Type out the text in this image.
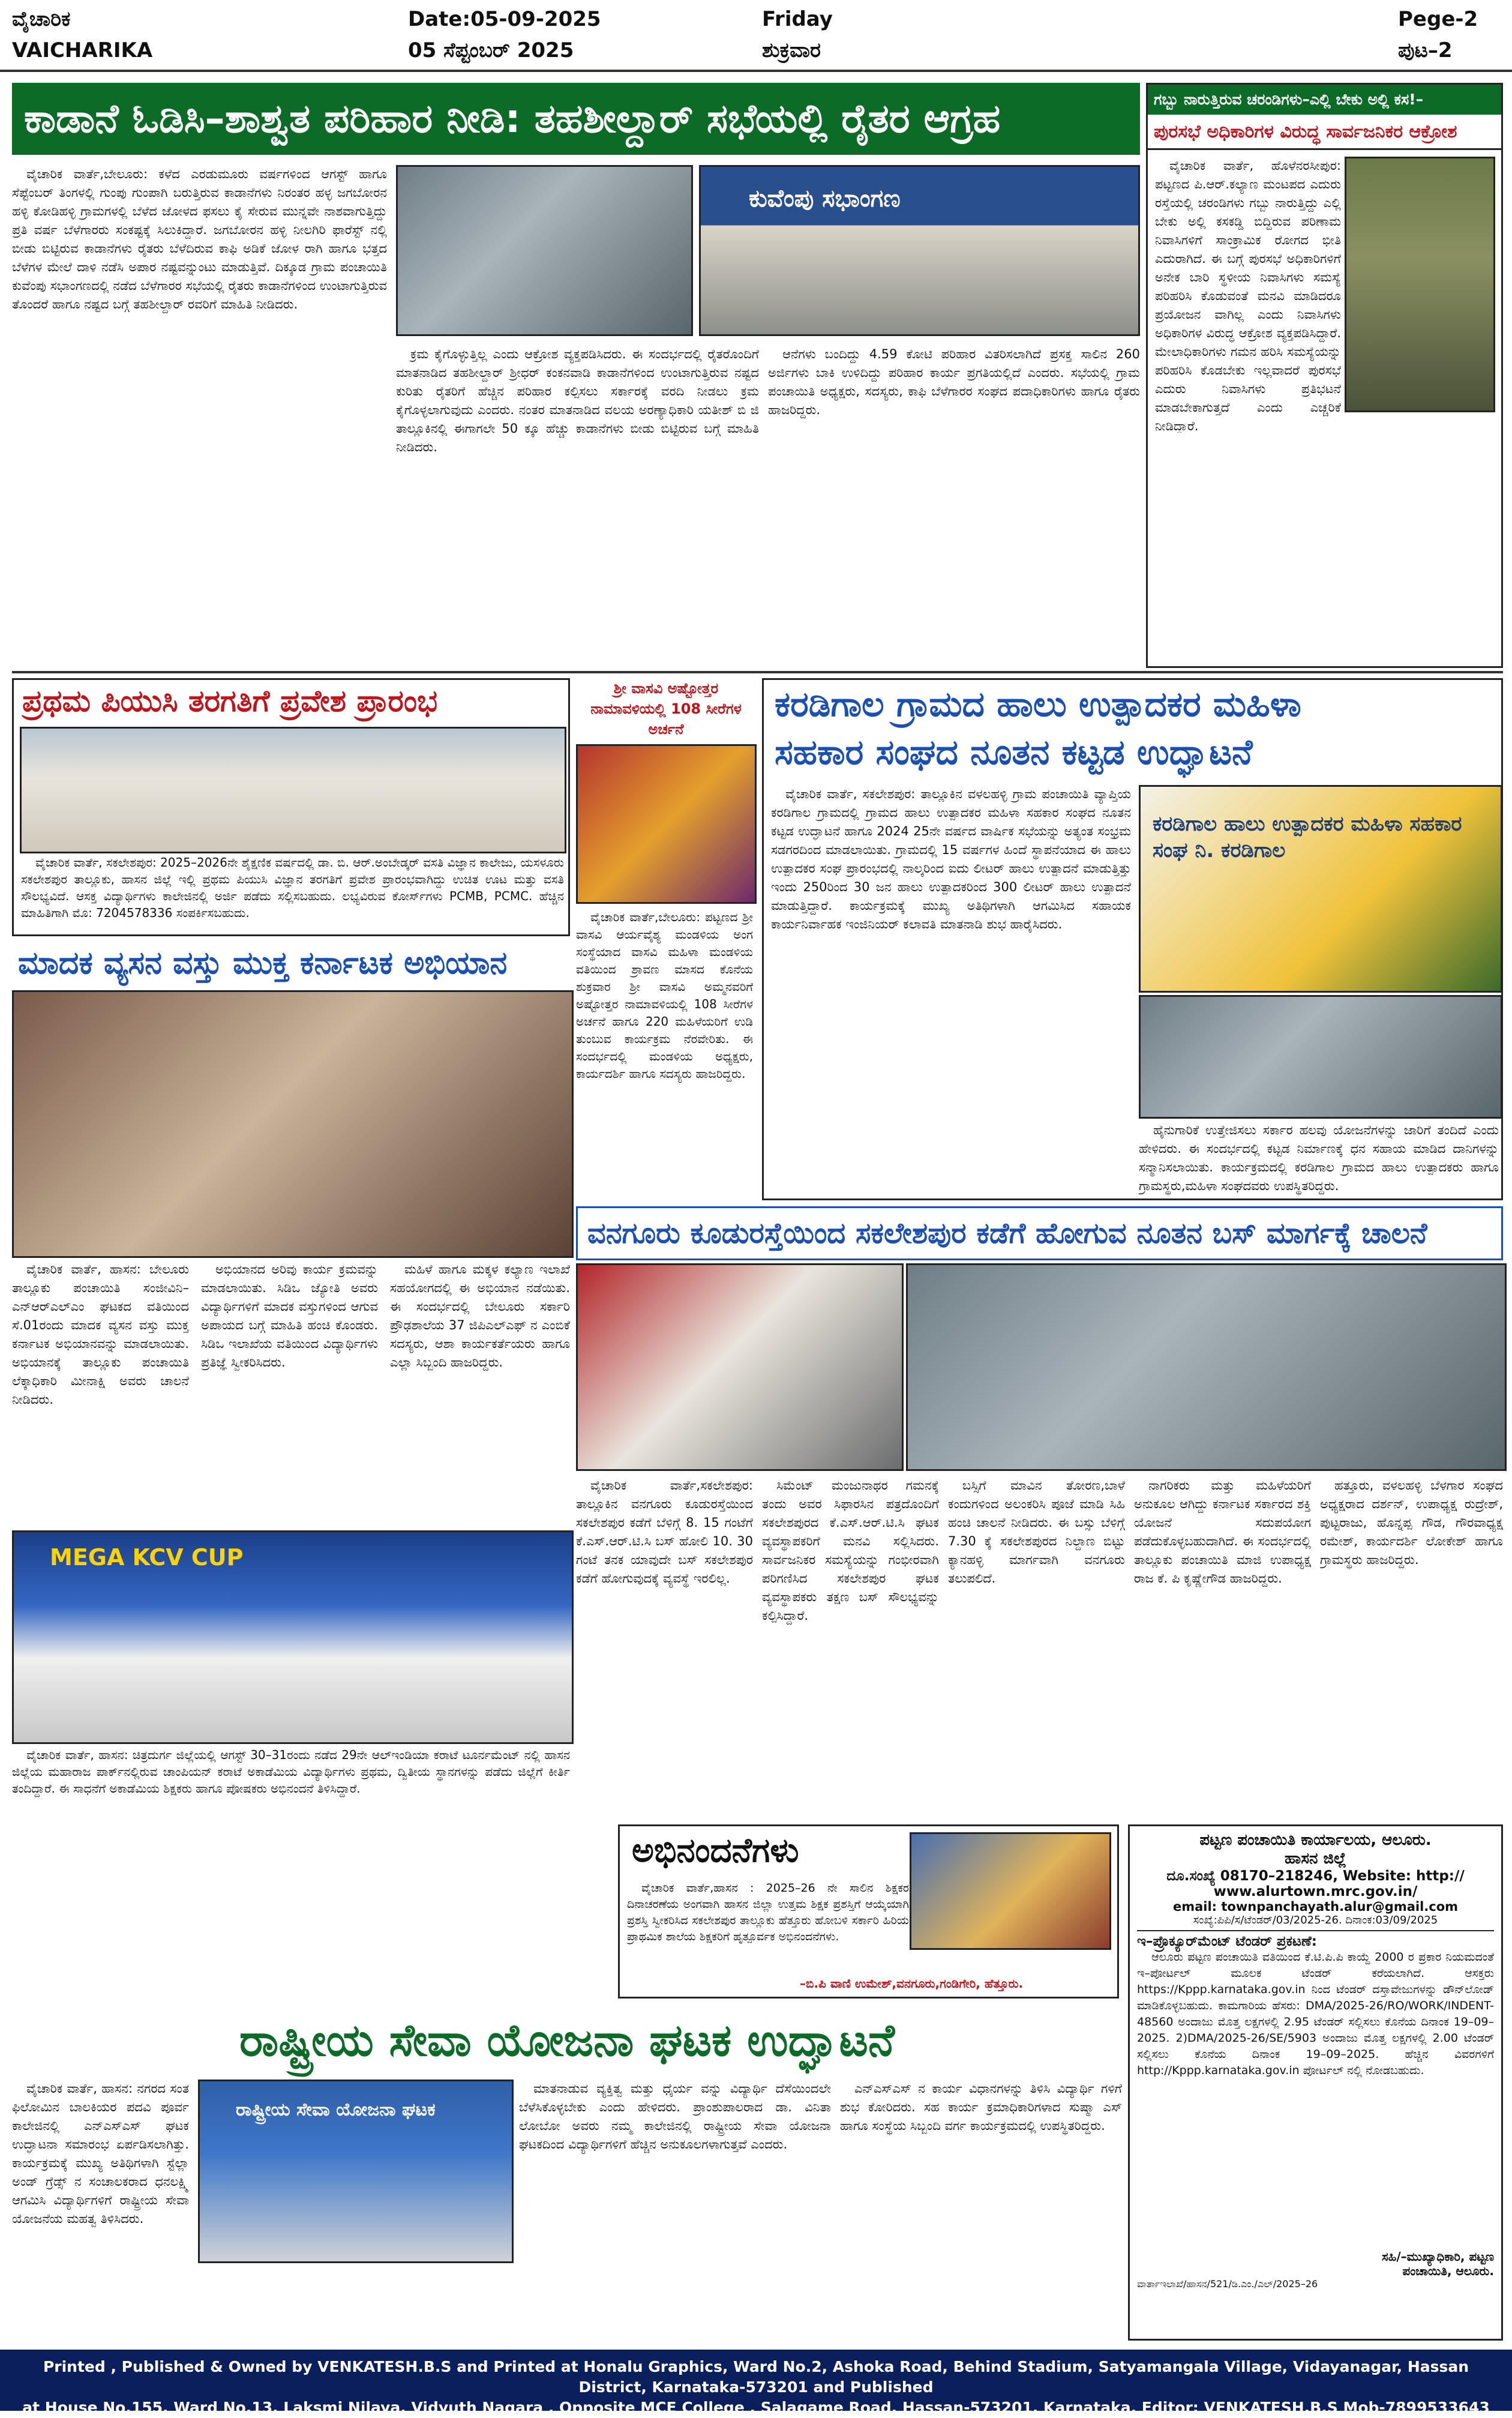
ವೈಚಾರಿಕ
VAICHARIKA
Date:05-09-2025
05 ಸೆಪ್ಟಂಬರ್ 2025
Friday
ಶುಕ್ರವಾರ
Pege-2
ಪುಟ–2
ಕಾಡಾನೆ ಓಡಿಸಿ–ಶಾಶ್ವತ ಪರಿಹಾರ ನೀಡಿ: ತಹಶೀಲ್ದಾರ್ ಸಭೆಯಲ್ಲಿ ರೈತರ ಆಗ್ರಹ
ಕುವೆಂಪು ಸಭಾಂಗಣ

ವೈಚಾರಿಕ ವಾರ್ತೆ,ಬೇಲೂರು: ಕಳೆದ ಎರಡುಮೂರು ವರ್ಷಗಳಿಂದ ಆಗಸ್ಟ್ ಹಾಗೂ ಸೆಪ್ಟೆಂಬರ್ ತಿಂಗಳಲ್ಲಿ ಗುಂಪು ಗುಂಪಾಗಿ ಬರುತ್ತಿರುವ ಕಾಡಾನೆಗಳು ನಿರಂತರ ಹಳ್ಳ ಜಗಬೋರನ ಹಳ್ಳಿ ಕೋಡಿಹಳ್ಳಿ ಗ್ರಾಮಗಳಲ್ಲಿ ಬೆಳೆದ ಜೋಳದ ಫಸಲು ಕೈ ಸೇರುವ ಮುನ್ನವೇ ನಾಶವಾಗುತ್ತಿದ್ದು ಪ್ರತಿ ವರ್ಷ ಬೆಳೆಗಾರರು ಸಂಕಷ್ಟಕ್ಕೆ ಸಿಲುಕಿದ್ದಾರೆ. ಜಗಬೋರನ ಹಳ್ಳಿ ನೀಲಗಿರಿ ಫಾರೆಸ್ಟ್ ನಲ್ಲಿ ಬೀಡು ಬಿಟ್ಟಿರುವ ಕಾಡಾನೆಗಳು ರೈತರು ಬೆಳೆದಿರುವ ಕಾಫಿ ಅಡಿಕೆ ಜೋಳ ರಾಗಿ ಹಾಗೂ ಭತ್ತದ ಬೆಳೆಗಳ ಮೇಲೆ ದಾಳಿ ನಡೆಸಿ ಅಪಾರ ನಷ್ಟವನ್ನುಂಟು ಮಾಡುತ್ತಿವೆ. ದಿಕ್ಕೂಡ ಗ್ರಾಮ ಪಂಚಾಯಿತಿ ಕುವೆಂಪು ಸಭಾಂಗಣದಲ್ಲಿ ನಡೆದ ಬೆಳೆಗಾರರ ಸಭೆಯಲ್ಲಿ ರೈತರು ಕಾಡಾನೆಗಳಿಂದ ಉಂಟಾಗುತ್ತಿರುವ ತೊಂದರೆ ಹಾಗೂ ನಷ್ಟದ ಬಗ್ಗೆ ತಹಶೀಲ್ದಾರ್ ರವರಿಗೆ ಮಾಹಿತಿ ನೀಡಿದರು.

ಕ್ರಮ ಕೈಗೊಳ್ಳುತ್ತಿಲ್ಲ ಎಂದು ಆಕ್ರೋಶ ವ್ಯಕ್ತಪಡಿಸಿದರು. ಈ ಸಂದರ್ಭದಲ್ಲಿ ರೈತರೊಂದಿಗೆ ಮಾತನಾಡಿದ ತಹಶೀಲ್ದಾರ್ ಶ್ರೀಧರ್ ಕಂಕನವಾಡಿ ಕಾಡಾನೆಗಳಿಂದ ಉಂಟಾಗುತ್ತಿರುವ ನಷ್ಟದ ಕುರಿತು ರೈತರಿಗೆ ಹೆಚ್ಚಿನ ಪರಿಹಾರ ಕಲ್ಪಿಸಲು ಸರ್ಕಾರಕ್ಕೆ ವರದಿ ನೀಡಲು ಕ್ರಮ ಕೈಗೊಳ್ಳಲಾಗುವುದು ಎಂದರು. ನಂತರ ಮಾತನಾಡಿದ ವಲಯ ಅರಣ್ಯಾಧಿಕಾರಿ ಯತೀಶ್ ಬಿ ಜಿ ತಾಲ್ಲೂಕಿನಲ್ಲಿ ಈಗಾಗಲೇ 50 ಕ್ಕೂ ಹೆಚ್ಚು ಕಾಡಾನೆಗಳು ಬೀಡು ಬಿಟ್ಟಿರುವ ಬಗ್ಗೆ ಮಾಹಿತಿ ನೀಡಿದರು.

ಆನೆಗಳು ಬಂದಿದ್ದು 4.59 ಕೋಟಿ ಪರಿಹಾರ ವಿತರಿಸಲಾಗಿದೆ ಪ್ರಸಕ್ತ ಸಾಲಿನ 260 ಅರ್ಜಿಗಳು ಬಾಕಿ ಉಳಿದಿದ್ದು ಪರಿಹಾರ ಕಾರ್ಯ ಪ್ರಗತಿಯಲ್ಲಿದೆ ಎಂದರು. ಸಭೆಯಲ್ಲಿ ಗ್ರಾಮ ಪಂಚಾಯಿತಿ ಅಧ್ಯಕ್ಷರು, ಸದಸ್ಯರು, ಕಾಫಿ ಬೆಳೆಗಾರರ ಸಂಘದ ಪದಾಧಿಕಾರಿಗಳು ಹಾಗೂ ರೈತರು ಹಾಜರಿದ್ದರು.

ಗಬ್ಬು ನಾರುತ್ತಿರುವ ಚರಂಡಿಗಳು–ಎಲ್ಲಿ ಬೇಕು ಅಲ್ಲಿ ಕಸ!–
ಪುರಸಭೆ ಅಧಿಕಾರಿಗಳ ವಿರುದ್ಧ ಸಾರ್ವಜನಿಕರ ಆಕ್ರೋಶ

ವೈಚಾರಿಕ ವಾರ್ತೆ, ಹೊಳೆನರಸೀಪುರ: ಪಟ್ಟಣದ ಪಿ.ಆರ್.ಕಲ್ಯಾಣ ಮಂಟಪದ ಎದುರು ರಸ್ತೆಯಲ್ಲಿ ಚರಂಡಿಗಳು ಗಬ್ಬು ನಾರುತ್ತಿದ್ದು ಎಲ್ಲಿ ಬೇಕು ಅಲ್ಲಿ ಕಸಕಡ್ಡಿ ಬಿದ್ದಿರುವ ಪರಿಣಾಮ ನಿವಾಸಿಗಳಿಗೆ ಸಾಂಕ್ರಾಮಿಕ ರೋಗದ ಭೀತಿ ಎದುರಾಗಿದೆ. ಈ ಬಗ್ಗೆ ಪುರಸಭೆ ಅಧಿಕಾರಿಗಳಿಗೆ ಅನೇಕ ಬಾರಿ ಸ್ಥಳೀಯ ನಿವಾಸಿಗಳು ಸಮಸ್ಯೆ ಪರಿಹರಿಸಿ ಕೊಡುವಂತೆ ಮನವಿ ಮಾಡಿದರೂ ಪ್ರಯೋಜನ ವಾಗಿಲ್ಲ ಎಂದು ನಿವಾಸಿಗಳು ಅಧಿಕಾರಿಗಳ ವಿರುದ್ಧ ಆಕ್ರೋಶ ವ್ಯಕ್ತಪಡಿಸಿದ್ದಾರೆ. ಮೇಲಾಧಿಕಾರಿಗಳು ಗಮನ ಹರಿಸಿ ಸಮಸ್ಯೆಯನ್ನು ಪರಿಹರಿಸಿ ಕೊಡಬೇಕು ಇಲ್ಲವಾದರೆ ಪುರಸಭೆ ಎದುರು ನಿವಾಸಿಗಳು ಪ್ರತಿಭಟನೆ ಮಾಡಬೇಕಾಗುತ್ತದೆ ಎಂದು ಎಚ್ಚರಿಕೆ ನೀಡಿದ್ದಾರೆ.

ಪ್ರಥಮ ಪಿಯುಸಿ ತರಗತಿಗೆ ಪ್ರವೇಶ ಪ್ರಾರಂಭ

ವೈಚಾರಿಕ ವಾರ್ತೆ, ಸಕಲೇಶಪುರ: 2025–2026ನೇ ಶೈಕ್ಷಣಿಕ ವರ್ಷದಲ್ಲಿ ಡಾ. ಬಿ. ಆರ್.ಅಂಬೇಡ್ಕರ್ ವಸತಿ ವಿಜ್ಞಾನ ಕಾಲೇಜು, ಯಸಳೂರು ಸಕಲೇಶಪುರ ತಾಲ್ಲೂಕು, ಹಾಸನ ಜಿಲ್ಲೆ ಇಲ್ಲಿ ಪ್ರಥಮ ಪಿಯುಸಿ ವಿಜ್ಞಾನ ತರಗತಿಗೆ ಪ್ರವೇಶ ಪ್ರಾರಂಭವಾಗಿದ್ದು ಉಚಿತ ಊಟ ಮತ್ತು ವಸತಿ ಸೌಲಭ್ಯವಿದೆ. ಆಸಕ್ತ ವಿದ್ಯಾರ್ಥಿಗಳು ಕಾಲೇಜಿನಲ್ಲಿ ಅರ್ಜಿ ಪಡೆದು ಸಲ್ಲಿಸಬಹುದು. ಲಭ್ಯವಿರುವ ಕೋರ್ಸ್‌ಗಳು PCMB, PCMC. ಹೆಚ್ಚಿನ ಮಾಹಿತಿಗಾಗಿ ಮೊ: 7204578336 ಸಂಪರ್ಕಿಸಬಹುದು.

ಶ್ರೀ ವಾಸವಿ ಅಷ್ಟೋತ್ತರ ನಾಮಾವಳಿಯಲ್ಲಿ 108 ಸೀರೆಗಳ ಅರ್ಚನೆ

ವೈಚಾರಿಕ ವಾರ್ತೆ,ಬೇಲೂರು: ಪಟ್ಟಣದ ಶ್ರೀ ವಾಸವಿ ಆರ್ಯವೈಶ್ಯ ಮಂಡಳಿಯ ಅಂಗ ಸಂಸ್ಥೆಯಾದ ವಾಸವಿ ಮಹಿಳಾ ಮಂಡಳಿಯ ವತಿಯಿಂದ ಶ್ರಾವಣ ಮಾಸದ ಕೊನೆಯ ಶುಕ್ರವಾರ ಶ್ರೀ ವಾಸವಿ ಅಮ್ಮನವರಿಗೆ ಅಷ್ಟೋತ್ತರ ನಾಮಾವಳಿಯಲ್ಲಿ 108 ಸೀರೆಗಳ ಅರ್ಚನೆ ಹಾಗೂ 220 ಮಹಿಳೆಯರಿಗೆ ಉಡಿ ತುಂಬುವ ಕಾರ್ಯಕ್ರಮ ನೆರವೇರಿತು. ಈ ಸಂದರ್ಭದಲ್ಲಿ ಮಂಡಳಿಯ ಅಧ್ಯಕ್ಷರು, ಕಾರ್ಯದರ್ಶಿ ಹಾಗೂ ಸದಸ್ಯರು ಹಾಜರಿದ್ದರು.

ಕರಡಿಗಾಲ ಗ್ರಾಮದ ಹಾಲು ಉತ್ಪಾದಕರ ಮಹಿಳಾ
ಸಹಕಾರ ಸಂಘದ ನೂತನ ಕಟ್ಟಡ ಉದ್ಘಾಟನೆ

ವೈಚಾರಿಕ ವಾರ್ತೆ, ಸಕಲೇಶಪುರ: ತಾಲ್ಲೂಕಿನ ವಳಲಹಳ್ಳಿ ಗ್ರಾಮ ಪಂಚಾಯಿತಿ ವ್ಯಾಪ್ತಿಯ ಕರಡಿಗಾಲ ಗ್ರಾಮದಲ್ಲಿ ಗ್ರಾಮದ ಹಾಲು ಉತ್ಪಾದಕರ ಮಹಿಳಾ ಸಹಕಾರ ಸಂಘದ ನೂತನ ಕಟ್ಟಡ ಉದ್ಘಾಟನೆ ಹಾಗೂ 2024 25ನೇ ವರ್ಷದ ವಾರ್ಷಿಕ ಸಭೆಯನ್ನು ಅತ್ಯಂತ ಸಂಭ್ರಮ ಸಡಗರದಿಂದ ಮಾಡಲಾಯಿತು. ಗ್ರಾಮದಲ್ಲಿ 15 ವರ್ಷಗಳ ಹಿಂದೆ ಸ್ಥಾಪನೆಯಾದ ಈ ಹಾಲು ಉತ್ಪಾದಕರ ಸಂಘ ಪ್ರಾರಂಭದಲ್ಲಿ ನಾಲ್ಕರಿಂದ ಐದು ಲೀಟರ್ ಹಾಲು ಉತ್ಪಾದನೆ ಮಾಡುತ್ತಿತ್ತು ಇಂದು 250ರಿಂದ 30 ಜನ ಹಾಲು ಉತ್ಪಾದಕರಿಂದ 300 ಲೀಟರ್ ಹಾಲು ಉತ್ಪಾದನೆ ಮಾಡುತ್ತಿದ್ದಾರೆ. ಕಾರ್ಯಕ್ರಮಕ್ಕೆ ಮುಖ್ಯ ಅತಿಥಿಗಳಾಗಿ ಆಗಮಿಸಿದ ಸಹಾಯಕ ಕಾರ್ಯನಿರ್ವಾಹಕ ಇಂಜಿನಿಯರ್ ಕಲಾವತಿ ಮಾತನಾಡಿ ಶುಭ ಹಾರೈಸಿದರು.

ಕರಡಿಗಾಲ ಹಾಲು ಉತ್ಪಾದಕರ ಮಹಿಳಾ ಸಹಕಾರ ಸಂಘ ನಿ. ಕರಡಿಗಾಲ

ಹೈನುಗಾರಿಕೆ ಉತ್ತೇಜಿಸಲು ಸರ್ಕಾರ ಹಲವು ಯೋಜನೆಗಳನ್ನು ಜಾರಿಗೆ ತಂದಿದೆ ಎಂದು ಹೇಳಿದರು. ಈ ಸಂದರ್ಭದಲ್ಲಿ ಕಟ್ಟಡ ನಿರ್ಮಾಣಕ್ಕೆ ಧನ ಸಹಾಯ ಮಾಡಿದ ದಾನಿಗಳನ್ನು ಸನ್ಮಾನಿಸಲಾಯಿತು. ಕಾರ್ಯಕ್ರಮದಲ್ಲಿ ಕರಡಿಗಾಲ ಗ್ರಾಮದ ಹಾಲು ಉತ್ಪಾದಕರು ಹಾಗೂ ಗ್ರಾಮಸ್ಥರು,ಮಹಿಳಾ ಸಂಘದವರು ಉಪಸ್ಥಿತರಿದ್ದರು.

ಮಾದಕ ವ್ಯಸನ ವಸ್ತು ಮುಕ್ತ ಕರ್ನಾಟಕ ಅಭಿಯಾನ

ವೈಚಾರಿಕ ವಾರ್ತೆ, ಹಾಸನ: ಬೇಲೂರು ತಾಲ್ಲೂಕು ಪಂಚಾಯಿತಿ ಸಂಜೀವಿನಿ–ಎನ್‌ಆರ್‌ಎಲ್‌ಎಂ ಘಟಕದ ವತಿಯಿಂದ ಸೆ.01ರಂದು ಮಾದಕ ವ್ಯಸನ ವಸ್ತು ಮುಕ್ತ ಕರ್ನಾಟಕ ಅಭಿಯಾನವನ್ನು ಮಾಡಲಾಯಿತು. ಅಭಿಯಾನಕ್ಕೆ ತಾಲ್ಲೂಕು ಪಂಚಾಯಿತಿ ಲೆಕ್ಕಾಧಿಕಾರಿ ಮೀನಾಕ್ಷಿ ಅವರು ಚಾಲನೆ ನೀಡಿದರು.

ಅಭಿಯಾನದ ಅರಿವು ಕಾರ್ಯ ಕ್ರಮವನ್ನು ಮಾಡಲಾಯಿತು. ಸಿಡಿಒ ಜ್ಯೋತಿ ಅವರು ವಿದ್ಯಾರ್ಥಿಗಳಿಗೆ ಮಾದಕ ವಸ್ತುಗಳಿಂದ ಆಗುವ ಅಪಾಯದ ಬಗ್ಗೆ ಮಾಹಿತಿ ಹಂಚಿ ಕೊಂಡರು. ಸಿಡಿಒ ಇಲಾಖೆಯ ವತಿಯಿಂದ ವಿದ್ಯಾರ್ಥಿಗಳು ಪ್ರತಿಜ್ಞೆ ಸ್ವೀಕರಿಸಿದರು.

ಮಹಿಳೆ ಹಾಗೂ ಮಕ್ಕಳ ಕಲ್ಯಾಣ ಇಲಾಖೆ ಸಹಯೋಗದಲ್ಲಿ ಈ ಅಭಿಯಾನ ನಡೆಯಿತು. ಈ ಸಂದರ್ಭದಲ್ಲಿ ಬೇಲೂರು ಸರ್ಕಾರಿ ಪ್ರೌಢಶಾಲೆಯ 37 ಜಿಪಿಎಲ್‌ಎಫ್ ನ ಎಂಬಿಕೆ ಸದಸ್ಯರು, ಆಶಾ ಕಾರ್ಯಕರ್ತೆಯರು ಹಾಗೂ ಎಲ್ಲಾ ಸಿಬ್ಬಂದಿ ಹಾಜರಿದ್ದರು.

ವನಗೂರು ಕೂಡುರಸ್ತೆಯಿಂದ ಸಕಲೇಶಪುರ ಕಡೆಗೆ ಹೋಗುವ ನೂತನ ಬಸ್ ಮಾರ್ಗಕ್ಕೆ ಚಾಲನೆ

ವೈಚಾರಿಕ ವಾರ್ತೆ,ಸಕಲೇಶಪುರ: ತಾಲ್ಲೂಕಿನ ವನಗೂರು ಕೂಡುರಸ್ತೆಯಿಂದ ಸಕಲೇಶಪುರ ಕಡೆಗೆ ಬೆಳಿಗ್ಗೆ 8. 15 ಗಂಟೆಗೆ ಕೆ.ಎಸ್.ಆರ್.ಟಿ.ಸಿ ಬಸ್ ಹೋಲಿ 10. 30 ಗಂಟೆ ತನಕ ಯಾವುದೇ ಬಸ್ ಸಕಲೇಶಪುರ ಕಡೆಗೆ ಹೋಗುವುದಕ್ಕೆ ವ್ಯವಸ್ಥೆ ಇರಲಿಲ್ಲ.

ಸಿಮೆಂಟ್ ಮಂಜುನಾಥರ ಗಮನಕ್ಕೆ ತಂದು ಅವರ ಸಿಫಾರಸಿನ ಪತ್ರದೊಂದಿಗೆ ಸಕಲೇಶಪುರದ ಕೆ.ಎಸ್.ಆರ್.ಟಿ.ಸಿ ಘಟಕ ವ್ಯವಸ್ಥಾಪಕರಿಗೆ ಮನವಿ ಸಲ್ಲಿಸಿದರು. ಸಾರ್ವಜನಿಕರ ಸಮಸ್ಯೆಯನ್ನು ಗಂಭೀರವಾಗಿ ಪರಿಗಣಿಸಿದ ಸಕಲೇಶಪುರ ಘಟಕ ವ್ಯವಸ್ಥಾಪಕರು ತಕ್ಷಣ ಬಸ್ ಸೌಲಭ್ಯವನ್ನು ಕಲ್ಪಿಸಿದ್ದಾರೆ.

ಬಸ್ಸಿಗೆ ಮಾವಿನ ತೋರಣ,ಬಾಳೆ ಕಂದುಗಳಿಂದ ಅಲಂಕರಿಸಿ ಪೂಜೆ ಮಾಡಿ ಸಿಹಿ ಹಂಚಿ ಚಾಲನೆ ನೀಡಿದರು. ಈ ಬಸ್ಸು ಬೆಳಿಗ್ಗೆ 7.30 ಕ್ಕೆ ಸಕಲೇಶಪುರದ ನಿಲ್ದಾಣ ಬಿಟ್ಟು ಕ್ಯಾನಹಳ್ಳಿ ಮಾರ್ಗವಾಗಿ ವನಗೂರು ತಲುಪಲಿದೆ.

ನಾಗರಿಕರು ಮತ್ತು ಮಹಿಳೆಯರಿಗೆ ಅನುಕೂಲ ಆಗಿದ್ದು ಕರ್ನಾಟಕ ಸರ್ಕಾರದ ಶಕ್ತಿ ಯೋಜನೆ ಸದುಪಯೋಗ ಪಡೆದುಕೊಳ್ಳಬಹುದಾಗಿದೆ. ಈ ಸಂದರ್ಭದಲ್ಲಿ ತಾಲ್ಲೂಕು ಪಂಚಾಯಿತಿ ಮಾಜಿ ಉಪಾಧ್ಯಕ್ಷ ರಾಜ ಕೆ. ಪಿ ಕೃಷ್ಣೇಗೌಡ ಹಾಜರಿದ್ದರು.

ಹತ್ತೂರು, ವಳಲಹಳ್ಳಿ ಬೆಳಗಾರ ಸಂಘದ ಅಧ್ಯಕ್ಷರಾದ ದರ್ಶನ್, ಉಪಾಧ್ಯಕ್ಷ ರುದ್ರೇಶ್, ಪುಟ್ಟರಾಜು, ಹೊನ್ನಪ್ಪ ಗೌಡ, ಗೌರವಾಧ್ಯಕ್ಷ ರಮೇಶ್, ಕಾರ್ಯದರ್ಶಿ ಲೋಕೇಶ್ ಹಾಗೂ ಗ್ರಾಮಸ್ಥರು ಹಾಜರಿದ್ದರು.

MEGA KCV CUP

ವೈಚಾರಿಕ ವಾರ್ತೆ, ಹಾಸನ: ಚಿತ್ರದುರ್ಗ ಜಿಲ್ಲೆಯಲ್ಲಿ ಆಗಸ್ಟ್ 30–31ರಂದು ನಡೆದ 29ನೇ ಆಲ್‌ಇಂಡಿಯಾ ಕರಾಟೆ ಟೂರ್ನಮೆಂಟ್ ನಲ್ಲಿ ಹಾಸನ ಜಿಲ್ಲೆಯ ಮಹಾರಾಜ ಪಾರ್ಕ್‌ನಲ್ಲಿರುವ ಚಾಂಪಿಯನ್ ಕರಾಟೆ ಅಕಾಡೆಮಿಯ ವಿದ್ಯಾರ್ಥಿಗಳು ಪ್ರಥಮ, ದ್ವಿತೀಯ ಸ್ಥಾನಗಳನ್ನು ಪಡೆದು ಜಿಲ್ಲೆಗೆ ಕೀರ್ತಿ ತಂದಿದ್ದಾರೆ. ಈ ಸಾಧನೆಗೆ ಅಕಾಡೆಮಿಯ ಶಿಕ್ಷಕರು ಹಾಗೂ ಪೋಷಕರು ಅಭಿನಂದನೆ ತಿಳಿಸಿದ್ದಾರೆ.

ಅಭಿನಂದನೆಗಳು

ವೈಚಾರಿಕ ವಾರ್ತೆ,ಹಾಸನ : 2025–26 ನೇ ಸಾಲಿನ ಶಿಕ್ಷಕರ ದಿನಾಚರಣೆಯ ಅಂಗವಾಗಿ ಹಾಸನ ಜಿಲ್ಲಾ ಉತ್ತಮ ಶಿಕ್ಷಕ ಪ್ರಶಸ್ತಿಗೆ ಆಯ್ಕೆಯಾಗಿ ಪ್ರಶಸ್ತಿ ಸ್ವೀಕರಿಸಿದ ಸಕಲೇಶಪುರ ತಾಲ್ಲೂಕು ಹೆತ್ತೂರು ಹೋಬಳಿ ಸರ್ಕಾರಿ ಹಿರಿಯ ಪ್ರಾಥಮಿಕ ಶಾಲೆಯ ಶಿಕ್ಷಕರಿಗೆ ಹೃತ್ಪೂರ್ವಕ ಅಭಿನಂದನೆಗಳು.

–ಬಿ.ಪಿ ವಾಣಿ ಉಮೇಶ್,ವನಗೂರು,ಗಂಡಿಗೇರಿ, ಹೆತ್ತೂರು.
ಪಟ್ಟಣ ಪಂಚಾಯಿತಿ ಕಾರ್ಯಾಲಯ, ಆಲೂರು.
ಹಾಸನ ಜಿಲ್ಲೆ
ದೂ.ಸಂಖ್ಯೆ 08170–218246, Website: http://
www.alurtown.mrc.gov.in/
email: townpanchayath.alur@gmail.com
ಸಂಖ್ಯೆ:ಪಿಪಿ/ಸ/ಟೆಂಡರ್/03/2025-26. ದಿನಾಂಕ:03/09/2025
ಇ–ಪ್ರೊಕ್ಯೂರ್‌ಮೆಂಟ್ ಟೆಂಡರ್ ಪ್ರಕಟಣೆ:

ಆಲೂರು ಪಟ್ಟಣ ಪಂಚಾಯಿತಿ ವತಿಯಿಂದ ಕೆ.ಟಿ.ಪಿ.ಪಿ ಕಾಯ್ದೆ 2000 ರ ಪ್ರಕಾರ ನಿಯಮದಂತೆ ಇ–ಪೋರ್ಟಲ್ ಮೂಲಕ ಟೆಂಡರ್ ಕರೆಯಲಾಗಿದೆ. ಆಸಕ್ತರು https://Kppp.karnataka.gov.in ನಿಂದ ಟೆಂಡರ್ ದಸ್ತಾವೇಜುಗಳನ್ನು ಡೌನ್‌ಲೋಡ್ ಮಾಡಿಕೊಳ್ಳಬಹುದು. ಕಾಮಗಾರಿಯ ಹೆಸರು: DMA/2025-26/RO/WORK/INDENT-48560 ಅಂದಾಜು ಮೊತ್ತ ಲಕ್ಷಗಳಲ್ಲಿ 2.95 ಟೆಂಡರ್ ಸಲ್ಲಿಸಲು ಕೊನೆಯ ದಿನಾಂಕ 19–09–2025. 2)DMA/2025-26/SE/5903 ಅಂದಾಜು ಮೊತ್ತ ಲಕ್ಷಗಳಲ್ಲಿ 2.00 ಟೆಂಡರ್ ಸಲ್ಲಿಸಲು ಕೊನೆಯ ದಿನಾಂಕ 19–09–2025. ಹೆಚ್ಚಿನ ವಿವರಗಳಿಗೆ http://Kppp.karnataka.gov.in ಪೋರ್ಟಲ್ ನಲ್ಲಿ ನೋಡಬಹುದು.

ಸಹಿ/–ಮುಖ್ಯಾಧಿಕಾರಿ, ಪಟ್ಟಣ
ಪಂಚಾಯಿತಿ, ಆಲೂರು.
ವಾರ್ತಾಇಲಾಖೆ/ಹಾಸನ/521/ಡಿ.ಎಂ./ಎಲ್/2025–26
ರಾಷ್ಟ್ರೀಯ ಸೇವಾ ಯೋಜನಾ ಘಟಕ ಉದ್ಘಾಟನೆ

ವೈಚಾರಿಕ ವಾರ್ತೆ, ಹಾಸನ: ನಗರದ ಸಂತ ಫಿಲೋಮಿನ ಬಾಲಕಿಯರ ಪದವಿ ಪೂರ್ವ ಕಾಲೇಜಿನಲ್ಲಿ ಎನ್‌ಎಸ್‌ಎಸ್ ಘಟಕ ಉದ್ಘಾಟನಾ ಸಮಾರಂಭ ಏರ್ಪಡಿಸಲಾಗಿತ್ತು. ಕಾರ್ಯಕ್ರಮಕ್ಕೆ ಮುಖ್ಯ ಅತಿಥಿಗಳಾಗಿ ಸ್ಟೆಲ್ಲಾ ಅಂಡ್ ಗ್ರೆಡ್ಸ್ ನ ಸಂಚಾಲಕರಾದ ಧನಲಕ್ಷ್ಮಿ ಆಗಮಿಸಿ ವಿದ್ಯಾರ್ಥಿಗಳಿಗೆ ರಾಷ್ಟ್ರೀಯ ಸೇವಾ ಯೋಜನೆಯ ಮಹತ್ವ ತಿಳಿಸಿದರು.

ರಾಷ್ಟ್ರೀಯ ಸೇವಾ ಯೋಜನಾ ಘಟಕ

ಮಾತನಾಡುವ ವ್ಯಕ್ತಿತ್ವ ಮತ್ತು ಧೈರ್ಯ ವನ್ನು ವಿದ್ಯಾರ್ಥಿ ದೆಸೆಯಿಂದಲೇ ಬೆಳೆಸಿಕೊಳ್ಳಬೇಕು ಎಂದು ಹೇಳಿದರು. ಪ್ರಾಂಶುಪಾಲರಾದ ಡಾ. ವಿನಿತಾ ಲೋಬೋ ಅವರು ನಮ್ಮ ಕಾಲೇಜಿನಲ್ಲಿ ರಾಷ್ಟ್ರೀಯ ಸೇವಾ ಯೋಜನಾ ಘಟಕದಿಂದ ವಿದ್ಯಾರ್ಥಿಗಳಿಗೆ ಹೆಚ್ಚಿನ ಅನುಕೂಲಗಳಾಗುತ್ತವೆ ಎಂದರು.

ಎನ್‌ಎಸ್‌ಎಸ್ ನ ಕಾರ್ಯ ವಿಧಾನಗಳನ್ನು ತಿಳಿಸಿ ವಿದ್ಯಾರ್ಥಿ ಗಳಿಗೆ ಶುಭ ಕೋರಿದರು. ಸಹ ಕಾರ್ಯ ಕ್ರಮಾಧಿಕಾರಿಗಳಾದ ಸುಷ್ಮಾ ಎಸ್ ಹಾಗೂ ಸಂಸ್ಥೆಯ ಸಿಬ್ಬಂದಿ ವರ್ಗ ಕಾರ್ಯಕ್ರಮದಲ್ಲಿ ಉಪಸ್ಥಿತರಿದ್ದರು.

Printed , Published & Owned by VENKATESH.B.S and Printed at Honalu Graphics, Ward No.2, Ashoka Road, Behind Stadium, Satyamangala Village, Vidayanagar, Hassan District, Karnataka-573201 and Published
at House No.155, Ward No.13, Laksmi Nilaya, Vidyuth Nagara , Opposite MCE College , Salagame Road, Hassan-573201, Karnataka. Editor: VENKATESH.B.S Mob-7899533643
